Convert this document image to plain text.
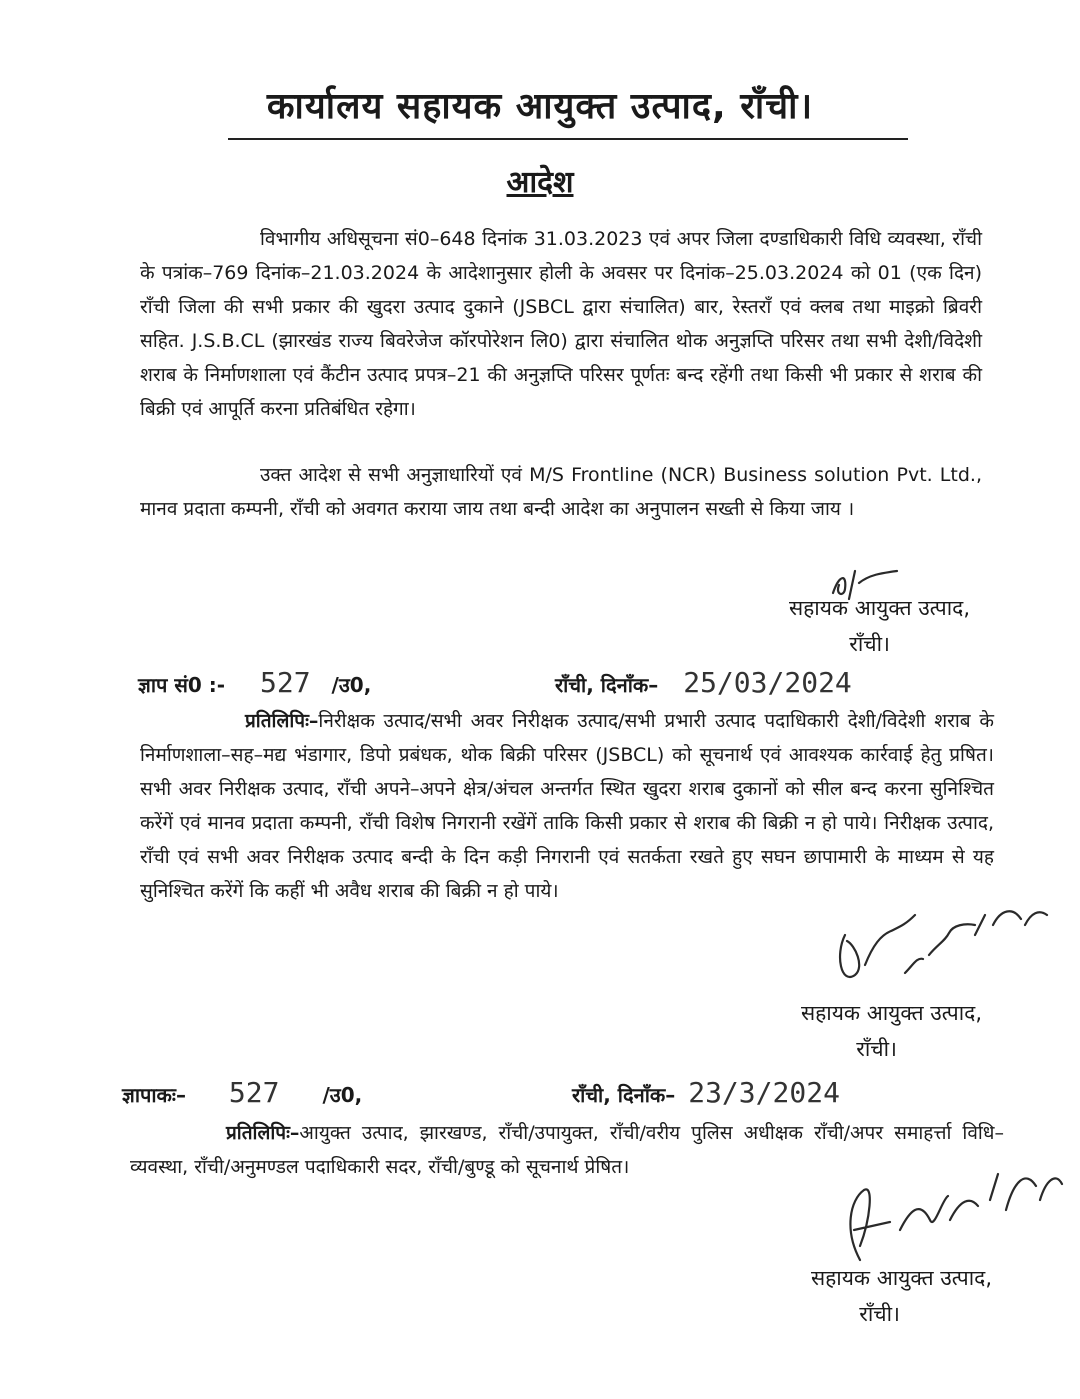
कार्यालय सहायक आयुक्त उत्पाद, राँची।
आदेश
विभागीय अधिसूचना सं0–648 दिनांक 31.03.2023 एवं अपर जिला दण्डाधिकारी विधि व्यवस्था, राँची के पत्रांक–769 दिनांक–21.03.2024 के आदेशानुसार होली के अवसर पर दिनांक–25.03.2024 को 01 (एक दिन) राँची जिला की सभी प्रकार की खुदरा उत्पाद दुकाने (JSBCL द्वारा संचालित) बार, रेस्तराँ एवं क्लब तथा माइक्रो ब्रिवरी सहित. J.S.B.CL (झारखंड राज्य बिवरेजेज कॉरपोरेशन लि0) द्वारा संचालित थोक अनुज्ञप्ति परिसर तथा सभी देशी/विदेशी शराब के निर्माणशाला एवं कैंटीन उत्पाद प्रपत्र–21 की अनुज्ञप्ति परिसर पूर्णतः बन्द रहेंगी तथा किसी भी प्रकार से शराब की बिक्री एवं आपूर्ति करना प्रतिबंधित रहेगा।
उक्त आदेश से सभी अनुज्ञाधारियों एवं M/S Frontline (NCR) Business solution Pvt. Ltd., मानव प्रदाता कम्पनी, राँची को अवगत कराया जाय तथा बन्दी आदेश का अनुपालन सख्ती से किया जाय ।
सहायक आयुक्त उत्पाद,
राँची।
ज्ञाप सं0 :- 527 /उ0,	राँची, दिनाँक– 25/03/2024
प्रतिलिपिः–निरीक्षक उत्पाद/सभी अवर निरीक्षक उत्पाद/सभी प्रभारी उत्पाद पदाधिकारी देशी/विदेशी शराब के निर्माणशाला–सह–मद्य भंडागार, डिपो प्रबंधक, थोक बिक्री परिसर (JSBCL) को सूचनार्थ एवं आवश्यक कार्रवाई हेतु प्रषित। सभी अवर निरीक्षक उत्पाद, राँची अपने–अपने क्षेत्र/अंचल अन्तर्गत स्थित खुदरा शराब दुकानों को सील बन्द करना सुनिश्चित करेंगें एवं मानव प्रदाता कम्पनी, राँची विशेष निगरानी रखेंगें ताकि किसी प्रकार से शराब की बिक्री न हो पाये। निरीक्षक उत्पाद, राँची एवं सभी अवर निरीक्षक उत्पाद बन्दी के दिन कड़ी निगरानी एवं सतर्कता रखते हुए सघन छापामारी के माध्यम से यह सुनिश्चित करेंगें कि कहीं भी अवैध शराब की बिक्री न हो पाये।
सहायक आयुक्त उत्पाद,
राँची।
ज्ञापाकः– 527 /उ0,	राँची, दिनाँक– 23/3/2024
प्रतिलिपिः–आयुक्त उत्पाद, झारखण्ड, राँची/उपायुक्त, राँची/वरीय पुलिस अधीक्षक राँची/अपर समाहर्त्ता विधि–व्यवस्था, राँची/अनुमण्डल पदाधिकारी सदर, राँची/बुण्डू को सूचनार्थ प्रेषित।
सहायक आयुक्त उत्पाद,
राँची।
